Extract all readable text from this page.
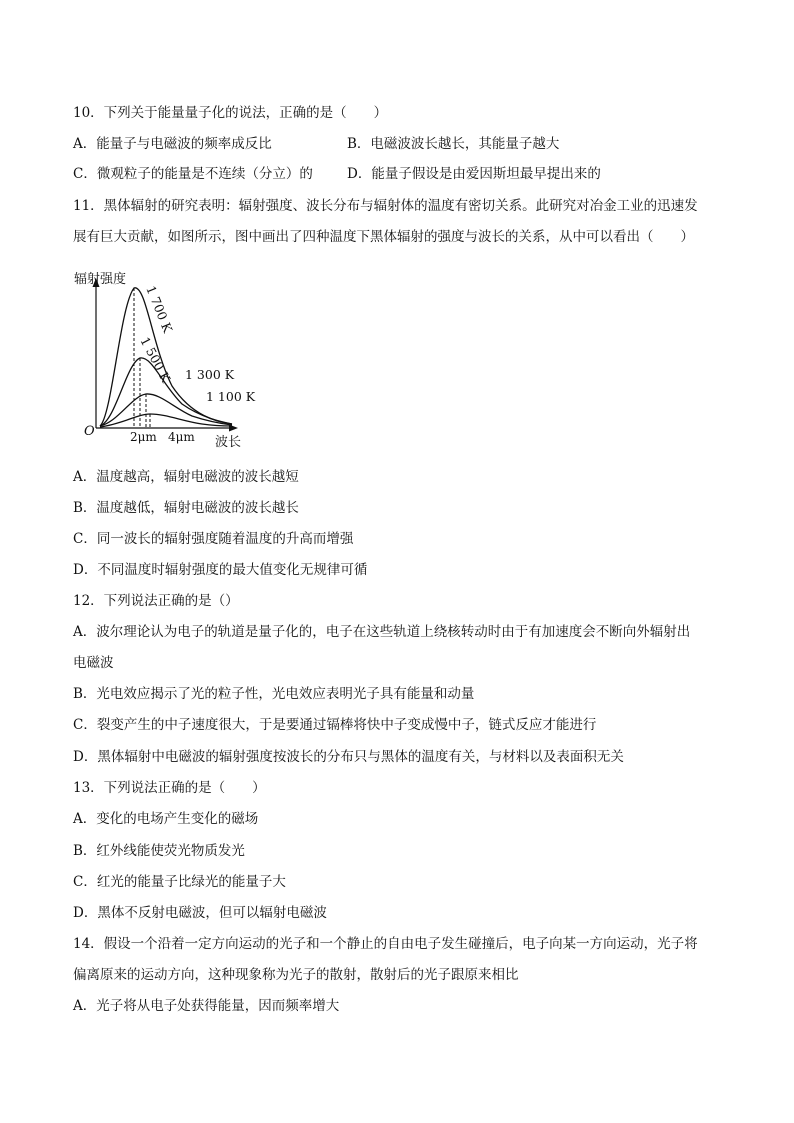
10．下列关于能量量子化的说法，正确的是（　　）
A．能量子与电磁波的频率成反比	B．电磁波波长越长，其能量子越大
C．微观粒子的能量是不连续（分立）的	D．能量子假设是由爱因斯坦最早提出来的
11．黑体辐射的研究表明：辐射强度、波长分布与辐射体的温度有密切关系。此研究对冶金工业的迅速发
展有巨大贡献，如图所示，图中画出了四种温度下黑体辐射的强度与波长的关系，从中可以看出（　　）
辐射强度
波长
O	2μm 4μm
1 700 K
1 500 K 1 300 K
1 100 K
A．温度越高，辐射电磁波的波长越短
B．温度越低，辐射电磁波的波长越长
C．同一波长的辐射强度随着温度的升高而增强
D．不同温度时辐射强度的最大值变化无规律可循
12．下列说法正确的是（）
A．波尔理论认为电子的轨道是量子化的，电子在这些轨道上绕核转动时由于有加速度会不断向外辐射出
电磁波
B．光电效应揭示了光的粒子性，光电效应表明光子具有能量和动量
C．裂变产生的中子速度很大，于是要通过镉棒将快中子变成慢中子，链式反应才能进行
D．黑体辐射中电磁波的辐射强度按波长的分布只与黑体的温度有关，与材料以及表面积无关
13．下列说法正确的是（　　）
A．变化的电场产生变化的磁场
B．红外线能使荧光物质发光
C．红光的能量子比绿光的能量子大
D．黑体不反射电磁波，但可以辐射电磁波
14．假设一个沿着一定方向运动的光子和一个静止的自由电子发生碰撞后，电子向某一方向运动，光子将
偏离原来的运动方向，这种现象称为光子的散射，散射后的光子跟原来相比
A．光子将从电子处获得能量，因而频率增大
